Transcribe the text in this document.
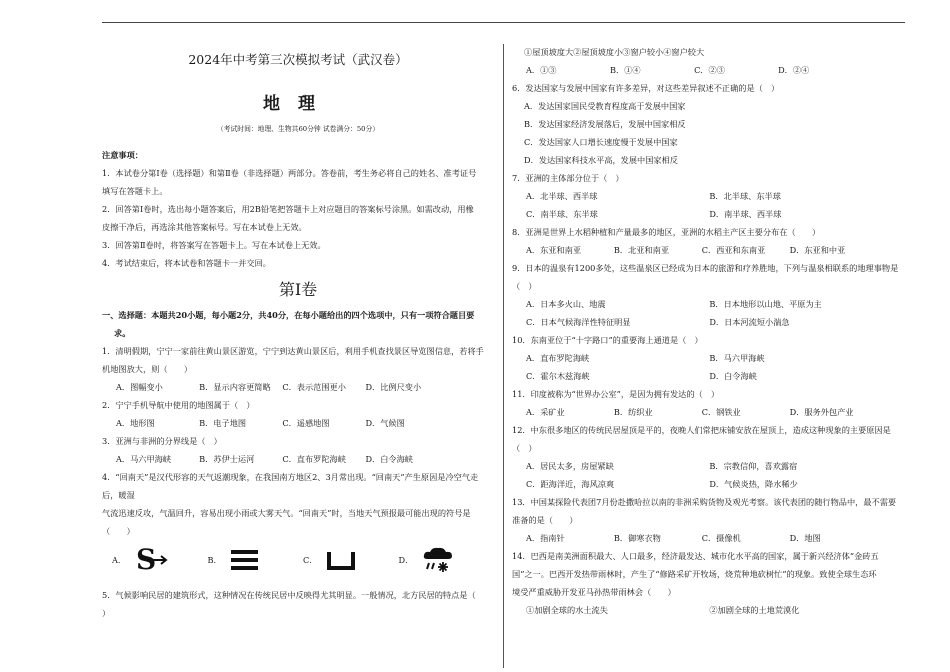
2024年中考第三次模拟考试（武汉卷）
地理
（考试时间：地理、生物共60分钟 试卷满分：50分）
注意事项：

1．本试卷分第Ⅰ卷（选择题）和第Ⅱ卷（非选择题）两部分。答卷前，考生务必将自己的姓名、准考证号

填写在答题卡上。

2．回答第Ⅰ卷时，选出每小题答案后，用2B铅笔把答题卡上对应题目的答案标号涂黑。如需改动，用橡

皮擦干净后，再选涂其他答案标号。写在本试卷上无效。

3．回答第Ⅱ卷时，将答案写在答题卡上。写在本试卷上无效。

4．考试结束后，将本试卷和答题卡一并交回。

第Ⅰ卷

一、选择题：本题共20小题，每小题2分，共40分，在每小题给出的四个选项中，只有一项符合题目要

求。

1．清明假期，宁宁一家前往黄山景区游览，宁宁到达黄山景区后，利用手机查找景区导览图信息，若将手

机地图放大，则（　　）

A．图幅变小	B．显示内容更简略	C．表示范围更小	D．比例尺变小

2．宁宁手机导航中使用的地图属于（　）

A．地形图	B．电子地图	C．遥感地图	D．气候图

3．亚洲与非洲的分界线是（　）

A．马六甲海峡	B．苏伊士运河	C．直布罗陀海峡	D．白令海峡

4．“回南天”是汉代形容的天气返潮现象，在我国南方地区2、3月常出现。“回南天”产生原因是冷空气走后，暖湿

气流迅速反攻，气温回升，容易出现小雨或大雾天气。“回南天”时，当地天气预报最可能出现的符号是

（　　）

A． S	B．	C．	D．

5．气候影响民居的建筑形式，这种情况在传统民居中反映得尤其明显。一般情况，北方民居的特点是（

）

①屋顶坡度大②屋顶坡度小③窗户较小④窗户较大

A．①③	B．①④	C．②③	D．②④

6．发达国家与发展中国家有许多差异，对这些差异叙述不正确的是（　）

A．发达国家国民受教育程度高于发展中国家

B．发达国家经济发展落后，发展中国家相反

C．发达国家人口增长速度慢于发展中国家

D．发达国家科技水平高，发展中国家相反

7．亚洲的主体部分位于（　）

A．北半球、西半球	B．北半球、东半球
C．南半球、东半球	D．南半球、西半球

8．亚洲是世界上水稻种植和产量最多的地区，亚洲的水稻主产区主要分布在（　　）

A．东亚和南亚	B．北亚和南亚	C．西亚和东南亚	D．东亚和中亚

9．日本的温泉有1200多处，这些温泉区已经成为日本的旅游和疗养胜地，下列与温泉相联系的地理事物是

（　）

A．日本多火山、地震	B．日本地形以山地、平原为主
C．日本气候海洋性特征明显	D．日本河流短小湍急

10．东南亚位于“十字路口”的重要海上通道是（　）

A．直布罗陀海峡	B．马六甲海峡
C．霍尔木兹海峡	D．白令海峡

11．印度被称为“世界办公室”，是因为拥有发达的（　）

A．采矿业	B．纺织业	C．钢铁业	D．服务外包产业

12．中东很多地区的传统民居屋顶是平的，夜晚人们常把床铺安放在屋顶上，造成这种现象的主要原因是

（　）

A．居民太多，房屋紧缺	B．宗教信仰，喜欢露宿
C．距海洋近，海风凉爽	D．气候炎热，降水稀少

13．中国某探险代表团7月份赴撒哈拉以南的非洲采购货物及观光考察。该代表团的随行物品中，最不需要

准备的是（　　）

A．指南针	B．御寒衣物	C．摄像机	D．地图

14．巴西是南美洲面积最大、人口最多，经济最发达、城市化水平高的国家，属于新兴经济体“金砖五

国”之一。巴西开发热带雨林时，产生了“修路采矿开牧场，烧荒种地砍树忙”的现象。致使全球生态环

境受严重威胁开发亚马孙热带雨林会（　　）

①加剧全球的水土流失	②加剧全球的土地荒漠化
